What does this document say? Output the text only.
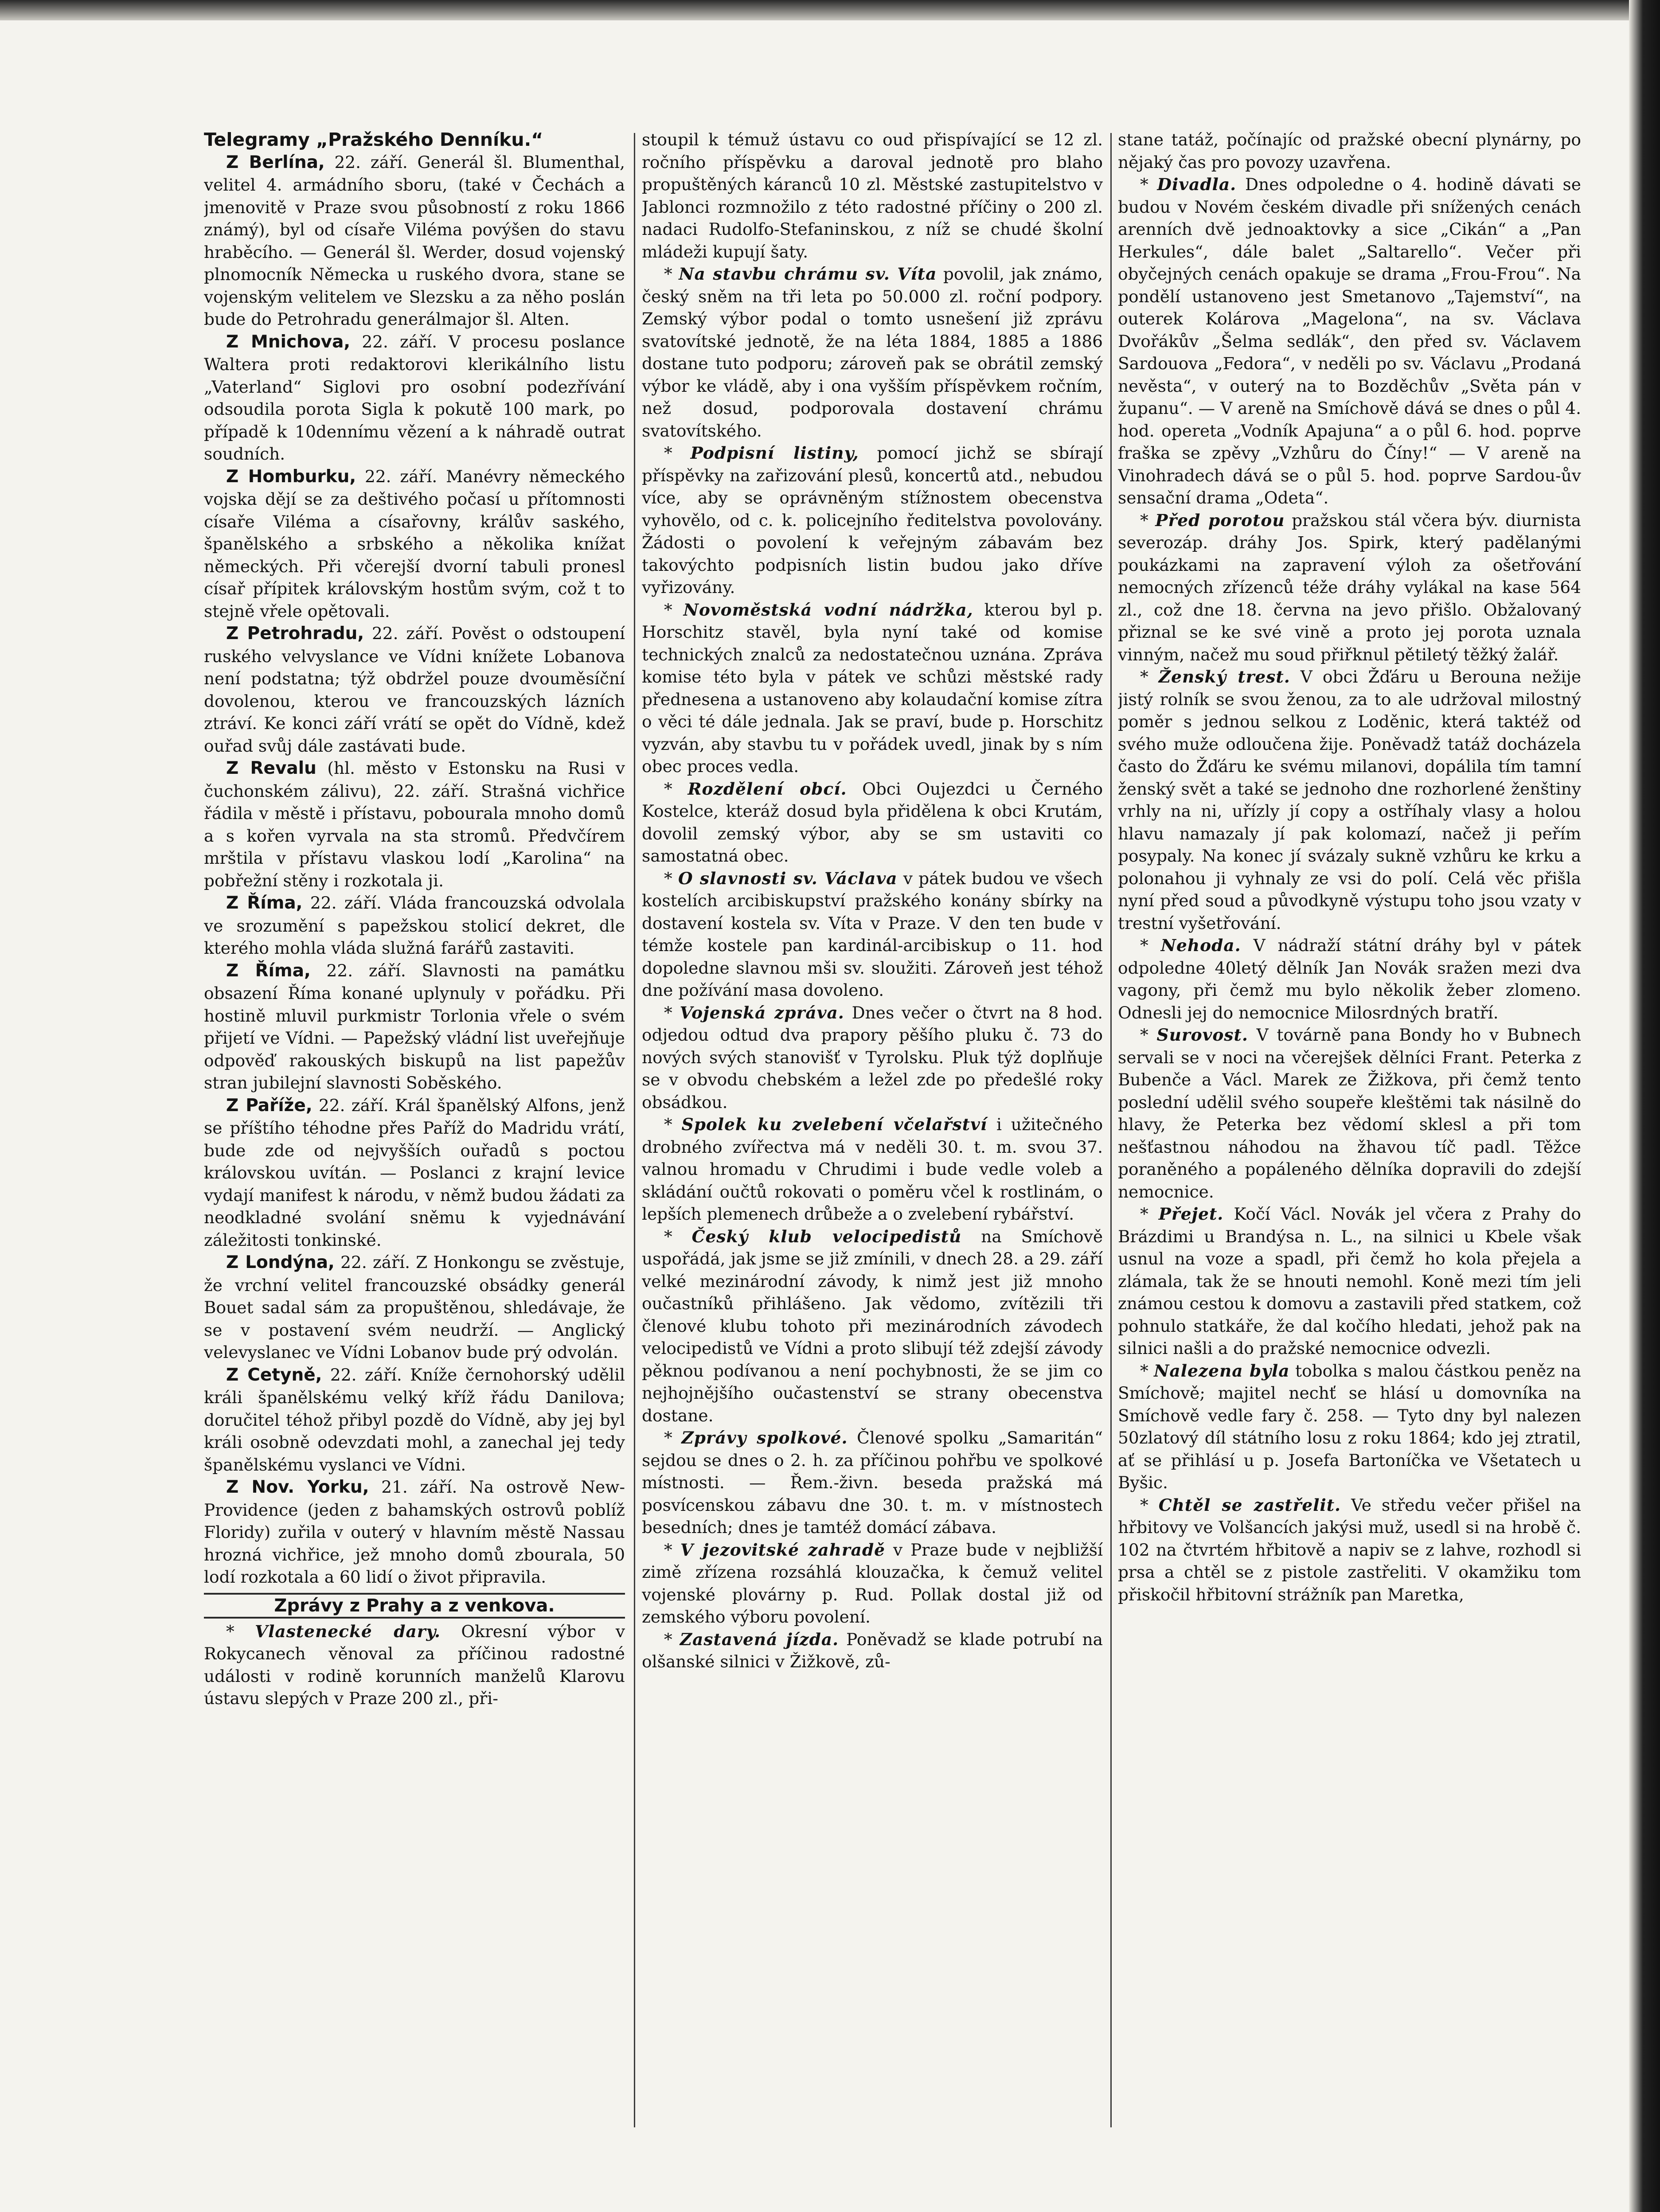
Telegramy „Pražského Denníku.“

Z Berlína, 22. září. Generál šl. Blumenthal, velitel 4. armádního sboru, (také v Čechách a jmenovitě v Praze svou působností z roku 1866 známý), byl od císaře Viléma povýšen do stavu hraběcího. — Generál šl. Werder, dosud vojenský plnomocník Německa u ruského dvora, stane se vojenským velitelem ve Slezsku a za něho poslán bude do Petrohradu generálmajor šl. Alten.

Z Mnichova, 22. září. V procesu poslance Waltera proti redaktorovi klerikálního listu „Vaterland“ Siglovi pro osobní podezřívání odsoudila porota Sigla k pokutě 100 mark, po případě k 10dennímu vězení a k náhradě outrat soudních.

Z Homburku, 22. září. Manévry německého vojska dějí se za deštivého počasí u přítomnosti císaře Viléma a císařovny, králův saského, španělského a srbského a několika knížat německých. Při včerejší dvorní tabuli pronesl císař přípitek královským hostům svým, což t to stejně vřele opětovali.

Z Petrohradu, 22. září. Pověst o odstoupení ruského velvyslance ve Vídni knížete Lobanova není podstatna; týž obdržel pouze dvouměsíční dovolenou, kterou ve francouzských lázních ztráví. Ke konci září vrátí se opět do Vídně, kdež ouřad svůj dále zastávati bude.

Z Revalu (hl. město v Estonsku na Rusi v čuchonském zálivu), 22. září. Strašná vichřice řádila v městě i přístavu, pobourala mnoho domů a s kořen vyrvala na sta stromů. Předvčírem mrštila v přístavu vlaskou lodí „Karolina“ na pobřežní stěny i rozkotala ji.

Z Říma, 22. září. Vláda francouzská odvolala ve srozumění s papežskou stolicí dekret, dle kterého mohla vláda služná farářů zastaviti.

Z Říma, 22. září. Slavnosti na památku obsazení Říma konané uplynuly v pořádku. Při hostině mluvil purkmistr Torlonia vřele o svém přijetí ve Vídni. — Papežský vládní list uveřejňuje odpověď rakouských biskupů na list papežův stran jubilejní slavnosti Soběského.

Z Paříže, 22. září. Král španělský Alfons, jenž se příštího téhodne přes Paříž do Madridu vrátí, bude zde od nejvyšších ouřadů s poctou královskou uvítán. — Poslanci z krajní levice vydají manifest k národu, v němž budou žádati za neodkladné svolání sněmu k vyjednávání záležitosti tonkinské.

Z Londýna, 22. září. Z Honkongu se zvěstuje, že vrchní velitel francouzské obsádky generál Bouet sadal sám za propuštěnou, shledávaje, že se v postavení svém neudrží. — Anglický velevyslanec ve Vídni Lobanov bude prý odvolán.

Z Cetyně, 22. září. Kníže černohorský udělil králi španělskému velký kříž řádu Danilova; doručitel téhož přibyl pozdě do Vídně, aby jej byl králi osobně odevzdati mohl, a zanechal jej tedy španělskému vyslanci ve Vídni.

Z Nov. Yorku, 21. září. Na ostrově New-Providence (jeden z bahamských ostrovů poblíž Floridy) zuřila v outerý v hlavním městě Nassau hrozná vichřice, jež mnoho domů zbourala, 50 lodí rozkotala a 60 lidí o život připravila.

Zprávy z Prahy a z venkova.

* Vlastenecké dary. Okresní výbor v Rokycanech věnoval za příčinou radostné události v rodině korunních manželů Klarovu ústavu slepých v Praze 200 zl., při-

stoupil k témuž ústavu co oud přispívající se 12 zl. ročního příspěvku a daroval jednotě pro blaho propuštěných káranců 10 zl. Městské zastupitelstvo v Jablonci rozmnožilo z této radostné příčiny o 200 zl. nadaci Rudolfo-Stefaninskou, z níž se chudé školní mládeži kupují šaty.

* Na stavbu chrámu sv. Víta povolil, jak známo, český sněm na tři leta po 50.000 zl. roční podpory. Zemský výbor podal o tomto usnešení již zprávu svatovítské jednotě, že na léta 1884, 1885 a 1886 dostane tuto podporu; zároveň pak se obrátil zemský výbor ke vládě, aby i ona vyšším příspěvkem ročním, než dosud, podporovala dostavení chrámu svatovítského.

* Podpisní listiny, pomocí jichž se sbírají příspěvky na zařizování plesů, koncertů atd., nebudou více, aby se oprávněným stížnostem obecenstva vyhovělo, od c. k. policejního ředitelstva povolovány. Žádosti o povolení k veřejným zábavám bez takovýchto podpisních listin budou jako dříve vyřizovány.

* Novoměstská vodní nádržka, kterou byl p. Horschitz stavěl, byla nyní také od komise technických znalců za nedostatečnou uznána. Zpráva komise této byla v pátek ve schůzi městské rady přednesena a ustanoveno aby kolaudační komise zítra o věci té dále jednala. Jak se praví, bude p. Horschitz vyzván, aby stavbu tu v pořádek uvedl, jinak by s ním obec proces vedla.

* Rozdělení obcí. Obci Oujezdci u Černého Kostelce, kteráž dosud byla přidělena k obci Krutám, dovolil zemský výbor, aby se sm ustaviti co samostatná obec.

* O slavnosti sv. Václava v pátek budou ve všech kostelích arcibiskupství pražského konány sbírky na dostavení kostela sv. Víta v Praze. V den ten bude v témže kostele pan kardinál-arcibiskup o 11. hod dopoledne slavnou mši sv. sloužiti. Zároveň jest téhož dne požívání masa dovoleno.

* Vojenská zpráva. Dnes večer o čtvrt na 8 hod. odjedou odtud dva prapory pěšího pluku č. 73 do nových svých stanovišť v Tyrolsku. Pluk týž doplňuje se v obvodu chebském a ležel zde po předešlé roky obsádkou.

* Spolek ku zvelebení včelařství i užitečného drobného zvířectva má v neděli 30. t. m. svou 37. valnou hromadu v Chrudimi i bude vedle voleb a skládání oučtů rokovati o poměru včel k rostlinám, o lepších plemenech drůbeže a o zvelebení rybářství.

* Český klub velocipedistů na Smíchově uspořádá, jak jsme se již zmínili, v dnech 28. a 29. září velké mezinárodní závody, k nimž jest již mnoho oučastníků přihlášeno. Jak vědomo, zvítězili tři členové klubu tohoto při mezinárodních závodech velocipedistů ve Vídni a proto slibují též zdejší závody pěknou podívanou a není pochybnosti, že se jim co nejhojnějšího oučastenství se strany obecenstva dostane.

* Zprávy spolkové. Členové spolku „Samaritán“ sejdou se dnes o 2. h. za příčinou pohřbu ve spolkové místnosti. — Řem.-živn. beseda pražská má posvícenskou zábavu dne 30. t. m. v místnostech besedních; dnes je tamtéž domácí zábava.

* V jezovitské zahradě v Praze bude v nejbližší zimě zřízena rozsáhlá klouzačka, k čemuž velitel vojenské plovárny p. Rud. Pollak dostal již od zemského výboru povolení.

* Zastavená jízda. Poněvadž se klade potrubí na olšanské silnici v Žižkově, zů-

stane tatáž, počínajíc od pražské obecní plynárny, po nějaký čas pro povozy uzavřena.

* Divadla. Dnes odpoledne o 4. hodině dávati se budou v Novém českém divadle při snížených cenách arenních dvě jednoaktovky a sice „Cikán“ a „Pan Herkules“, dále balet „Saltarello“. Večer při obyčejných cenách opakuje se drama „Frou-Frou“. Na pondělí ustanoveno jest Smetanovo „Tajemství“, na outerek Kolárova „Magelona“, na sv. Václava Dvořákův „Šelma sedlák“, den před sv. Václavem Sardouova „Fedora“, v neděli po sv. Václavu „Prodaná nevěsta“, v outerý na to Bozděchův „Světa pán v županu“. — V areně na Smíchově dává se dnes o půl 4. hod. opereta „Vodník Apajuna“ a o půl 6. hod. poprve fraška se zpěvy „Vzhůru do Číny!“ — V areně na Vinohradech dává se o půl 5. hod. poprve Sardou-ův sensační drama „Odeta“.

* Před porotou pražskou stál včera býv. diurnista severozáp. dráhy Jos. Spirk, který padělanými poukázkami na zapravení výloh za ošetřování nemocných zřízenců téže dráhy vylákal na kase 564 zl., což dne 18. června na jevo přišlo. Obžalovaný přiznal se ke své vině a proto jej porota uznala vinným, načež mu soud přiřknul pětiletý těžký žalář.

* Ženský trest. V obci Žďáru u Berouna nežije jistý rolník se svou ženou, za to ale udržoval milostný poměr s jednou selkou z Loděnic, která taktéž od svého muže odloučena žije. Poněvadž tatáž docházela často do Žďáru ke svému milanovi, dopálila tím tamní ženský svět a také se jednoho dne rozhorlené ženštiny vrhly na ni, uřízly jí copy a ostříhaly vlasy a holou hlavu namazaly jí pak kolomazí, načež ji peřím posypaly. Na konec jí svázaly sukně vzhůru ke krku a polonahou ji vyhnaly ze vsi do polí. Celá věc přišla nyní před soud a původkyně výstupu toho jsou vzaty v trestní vyšetřování.

* Nehoda. V nádraží státní dráhy byl v pátek odpoledne 40letý dělník Jan Novák sražen mezi dva vagony, při čemž mu bylo několik žeber zlomeno. Odnesli jej do nemocnice Milosrdných bratří.

* Surovost. V továrně pana Bondy ho v Bubnech servali se v noci na včerejšek dělníci Frant. Peterka z Bubenče a Václ. Marek ze Žižkova, při čemž tento poslední udělil svého soupeře kleštěmi tak násilně do hlavy, že Peterka bez vědomí sklesl a při tom nešťastnou náhodou na žhavou tíč padl. Těžce poraněného a popáleného dělníka dopravili do zdejší nemocnice.

* Přejet. Kočí Václ. Novák jel včera z Prahy do Brázdimi u Brandýsa n. L., na silnici u Kbele však usnul na voze a spadl, při čemž ho kola přejela a zlámala, tak že se hnouti nemohl. Koně mezi tím jeli známou cestou k domovu a zastavili před statkem, což pohnulo statkáře, že dal kočího hledati, jehož pak na silnici našli a do pražské nemocnice odvezli.

* Nalezena byla tobolka s malou částkou peněz na Smíchově; majitel nechť se hlásí u domovníka na Smíchově vedle fary č. 258. — Tyto dny byl nalezen 50zlatový díl státního losu z roku 1864; kdo jej ztratil, ať se přihlásí u p. Josefa Bartoníčka ve Všetatech u Byšic.

* Chtěl se zastřelit. Ve středu večer přišel na hřbitovy ve Volšancích jakýsi muž, usedl si na hrobě č. 102 na čtvrtém hřbitově a napiv se z lahve, rozhodl si prsa a chtěl se z pistole zastřeliti. V okamžiku tom přiskočil hřbitovní strážník pan Maretka,
